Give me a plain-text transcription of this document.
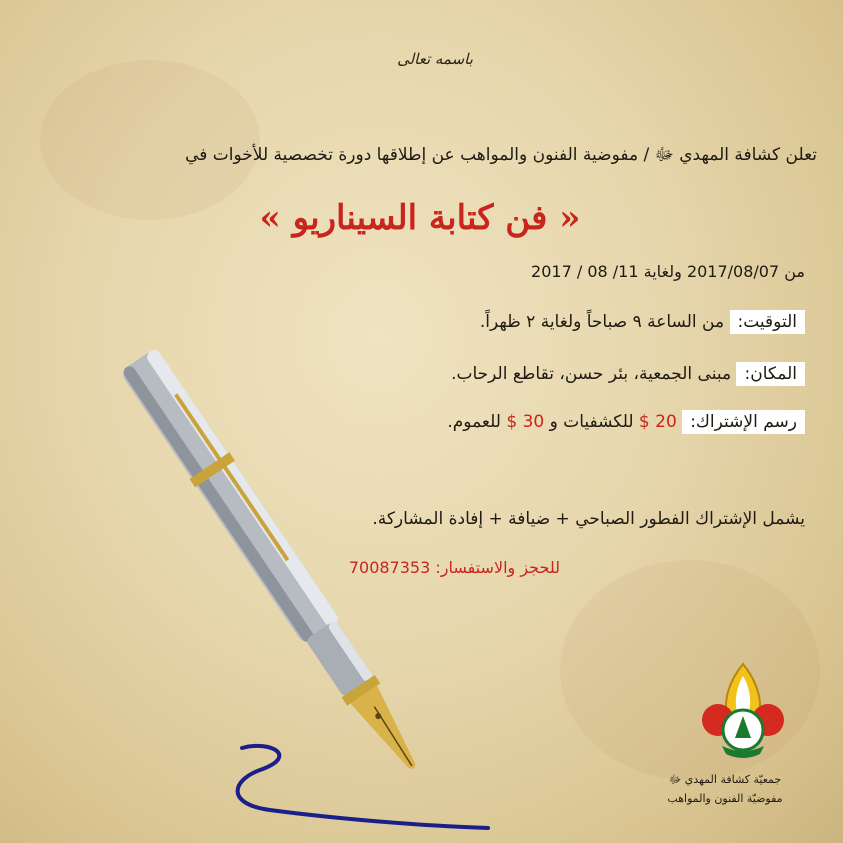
باسمه تعالى
تعلن كشافة المهدي ﷻ / مفوضية الفنون والمواهب عن إطلاقها دورة تخصصية للأخوات في
« فن كتابة السيناريو »
من 2017/08/07 ولغاية 11/ 08 / 2017
التوقيت: من الساعة ٩ صباحاً ولغاية ٢ ظهراً.
المكان: مبنى الجمعية، بئر حسن، تقاطع الرحاب.
رسم الإشتراك: 20 $ للكشفيات و 30 $ للعموم.
يشمل الإشتراك الفطور الصباحي + ضيافة + إفادة المشاركة.
للحجز والاستفسار: 70087353
جمعيّة كشافة المهدي ﷻ
مفوضيّة الفنون والمواهب
